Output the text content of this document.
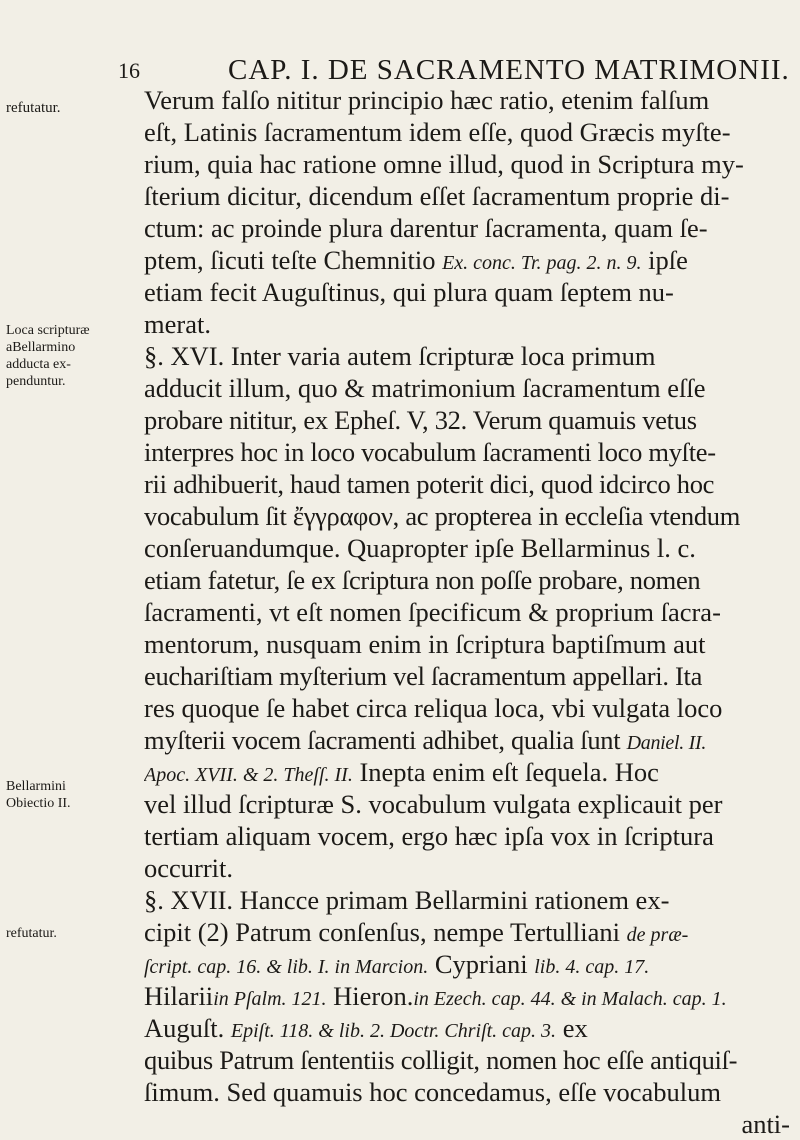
16	CAP. I. DE SACRAMENTO MATRIMONII.
refutatur.
Loca scripturæ
aBellarmino
adducta ex-
penduntur.
Bellarmini
Obiectio II.
refutatur.
Verum falſo nititur principio hæc ratio, etenim falſum
eſt, Latinis ſacramentum idem eſſe, quod Græcis myſte-
rium, quia hac ratione omne illud, quod in Scriptura my-
ſterium dicitur, dicendum eſſet ſacramentum proprie di-
ctum: ac proinde plura darentur ſacramenta, quam ſe-
ptem, ſicuti teſte Chemnitio Ex. conc. Tr. pag. 2. n. 9. ipſe
etiam fecit Auguſtinus, qui plura quam ſeptem nu-
merat.
§. XVI. Inter varia autem ſcripturæ loca primum
adducit illum, quo & matrimonium ſacramentum eſſe
probare nititur, ex Epheſ. V, 32. Verum quamuis vetus
interpres hoc in loco vocabulum ſacramenti loco myſte-
rii adhibuerit, haud tamen poterit dici, quod idcirco hoc
vocabulum ſit ἔγγραφον, ac propterea in eccleſia vtendum
conſeruandumque. Quapropter ipſe Bellarminus l. c.
etiam fatetur, ſe ex ſcriptura non poſſe probare, nomen
ſacramenti, vt eſt nomen ſpecificum & proprium ſacra-
mentorum, nusquam enim in ſcriptura baptiſmum aut
euchariſtiam myſterium vel ſacramentum appellari. Ita
res quoque ſe habet circa reliqua loca, vbi vulgata loco
myſterii vocem ſacramenti adhibet, qualia ſunt Daniel. II.
Apoc. XVII. & 2. Theſſ. II. Inepta enim eſt ſequela. Hoc
vel illud ſcripturæ S. vocabulum vulgata explicauit per
tertiam aliquam vocem, ergo hæc ipſa vox in ſcriptura
occurrit.
§. XVII. Hancce primam Bellarmini rationem ex-
cipit (2) Patrum conſenſus, nempe Tertulliani de præ-
ſcript. cap. 16. & lib. I. in Marcion. Cypriani lib. 4. cap. 17.
Hilariiin Pſalm. 121. Hieron.in Ezech. cap. 44. & in Malach. cap. 1.
Auguſt. Epiſt. 118. & lib. 2. Doctr. Chriſt. cap. 3. ex
quibus Patrum ſententiis colligit, nomen hoc eſſe antiquiſ-
ſimum. Sed quamuis hoc concedamus, eſſe vocabulum
anti-
